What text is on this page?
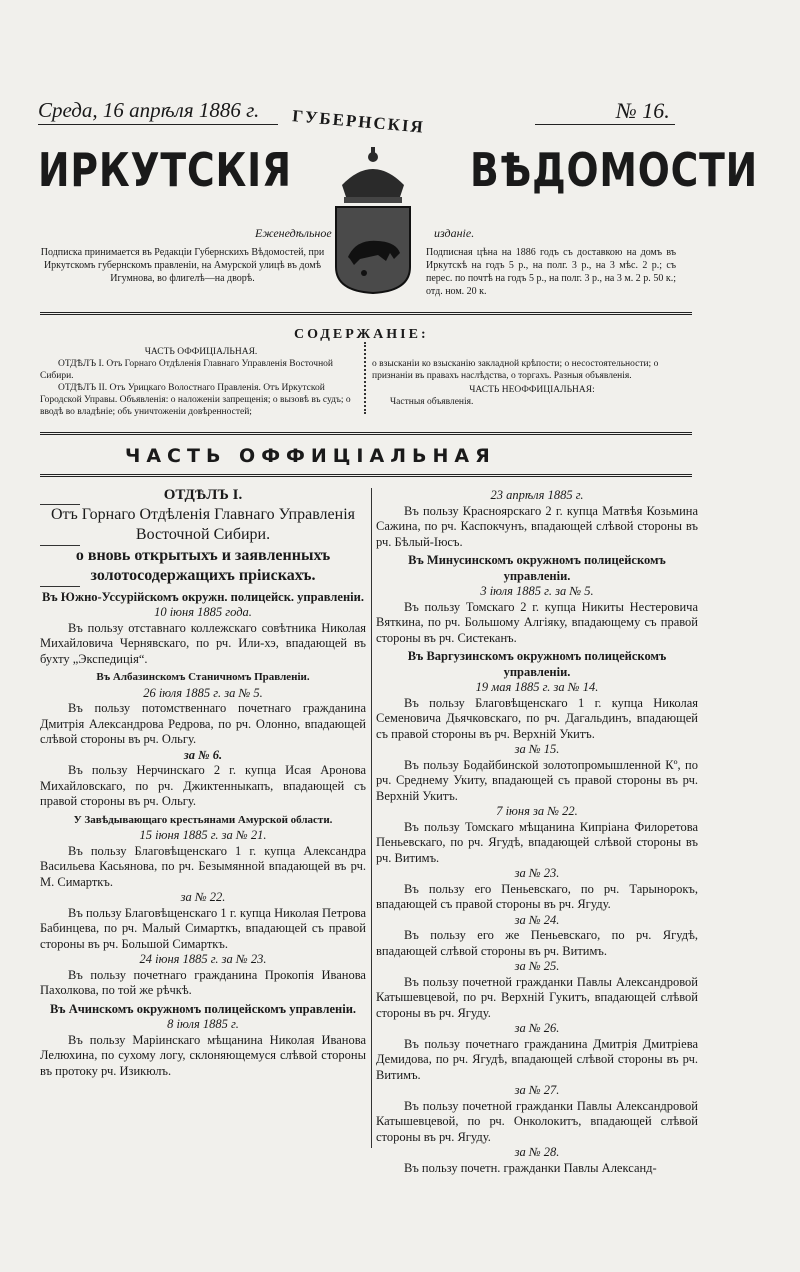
Среда, 16 апрѣля 1886 г.	№ 16.
ГУБЕРНСКІЯ
ИРКУТСКІЯ	ВѢДОМОСТИ
Еженедѣльное	изданіе.
Подписка принимается въ Редакціи Губернскихъ Вѣдомостей, при Иркутскомъ губернскомъ правленіи, на Амурской улицѣ въ домѣ Игумнова, во флигелѣ—на дворѣ.
Подписная цѣна на 1886 годъ съ доставкою на домъ въ Иркутскѣ на годъ 5 р., на полг. 3 р., на 3 мѣс. 2 р.; съ перес. по почтѣ на годъ 5 р., на полг. 3 р., на 3 м. 2 р. 50 к.; отд. ном. 20 к.
СОДЕРЖАНІЕ:
ЧАСТЬ ОФФИЦІАЛЬНАЯ.
ОТДѢЛЪ I. Отъ Горнаго Отдѣленія Главнаго Управленія Восточной Сибири.
ОТДѢЛЪ II. Отъ Урицкаго Волостнаго Правленія. Отъ Иркутской Городской Управы. Объявленія: о наложеніи запрещенія; о вызовѣ въ судъ; о вводѣ во владѣніе; объ уничтоженіи довѣренностей;
о взысканіи ко взысканію закладной крѣпости; о несостоятельности; о признаніи въ правахъ наслѣдства, о торгахъ. Разныя объявленія.
ЧАСТЬ НЕОФФИЦІАЛЬНАЯ:
Частныя объявленія.
ЧАСТЬ ОФФИЦІАЛЬНАЯ
ОТДѢЛЪ I.
Отъ Горнаго Отдѣленія Главнаго Управленія Восточной Сибири.
о вновь открытыхъ и заявленныхъ золотосодержащихъ пріискахъ.
Въ Южно-Уссурійскомъ окружн. полицейск. управленіи.
10 іюня 1885 года.

Въ пользу отставнаго коллежскаго совѣтника Николая Михайловича Чернявскаго, по рч. Или-хэ, впадающей въ бухту „Экспедиція“.

Въ Албазинскомъ Станичномъ Правленіи.
26 іюля 1885 г. за № 5.

Въ пользу потомственнаго почетнаго гражданина Дмитрія Александрова Редрова, по рч. Олонно, впадающей слѣвой стороны въ рч. Ольгу.

за № 6.

Въ пользу Нерчинскаго 2 г. купца Исая Аронова Михайловскаго, по рч. Джиктенныкапъ, впадающей съ правой стороны въ рч. Ольгу.

У Завѣдывающаго крестьянами Амурской области.
15 іюня 1885 г. за № 21.

Въ пользу Благовѣщенскаго 1 г. купца Александра Васильева Касьянова, по рч. Безымянной впадающей въ рч. М. Симарткъ.

за № 22.

Въ пользу Благовѣщенскаго 1 г. купца Николая Петрова Бабинцева, по рч. Малый Симарткъ, впадающей съ правой стороны въ рч. Большой Симарткъ.

24 іюня 1885 г. за № 23.

Въ пользу почетнаго гражданина Прокопія Иванова Пахолкова, по той же рѣчкѣ.

Въ Ачинскомъ окружномъ полицейскомъ управленіи.
8 іюля 1885 г.

Въ пользу Маріинскаго мѣщанина Николая Иванова Лелюхина, по сухому логу, склоняющемуся слѣвой стороны въ протоку рч. Изикюлъ.

23 апрѣля 1885 г.

Въ пользу Красноярскаго 2 г. купца Матвѣя Козьмина Сажина, по рч. Каспокчунъ, впадающей слѣвой стороны въ рч. Бѣлый-Іюсъ.

Въ Минусинскомъ окружномъ полицейскомъ управленіи.
3 іюля 1885 г. за № 5.

Въ пользу Томскаго 2 г. купца Никиты Нестеровича Вяткина, по рч. Большому Алгіяку, впадающему съ правой стороны въ рч. Систеканъ.

Въ Варгузинскомъ окружномъ полицейскомъ управленіи.
19 мая 1885 г. за № 14.

Въ пользу Благовѣщенскаго 1 г. купца Николая Семеновича Дьячковскаго, по рч. Дагальдинъ, впадающей съ правой стороны въ рч. Верхній Укитъ.

за № 15.

Въ пользу Бодайбинской золотопромышленной Кº, по рч. Среднему Укиту, впадающей съ правой стороны въ рч. Верхній Укитъ.

7 іюня за № 22.

Въ пользу Томскаго мѣщанина Кипріана Филоретова Пеньевскаго, по рч. Ягудѣ, впадающей слѣвой стороны въ рч. Витимъ.

за № 23.

Въ пользу его Пеньевскаго, по рч. Тарынорокъ, впадающей съ правой стороны въ рч. Ягуду.

за № 24.

Въ пользу его же Пеньевскаго, по рч. Ягудѣ, впадающей слѣвой стороны въ рч. Витимъ.

за № 25.

Въ пользу почетной гражданки Павлы Александровой Катышевцевой, по рч. Верхній Гукитъ, впадающей слѣвой стороны въ рч. Ягуду.

за № 26.

Въ пользу почетнаго гражданина Дмитрія Дмитріева Демидова, по рч. Ягудѣ, впадающей слѣвой стороны въ рч. Витимъ.

за № 27.

Въ пользу почетной гражданки Павлы Александровой Катышевцевой, по рч. Онколокитъ, впадающей слѣвой стороны въ рч. Ягуду.

за № 28.

Въ пользу почетн. гражданки Павлы Александ-
